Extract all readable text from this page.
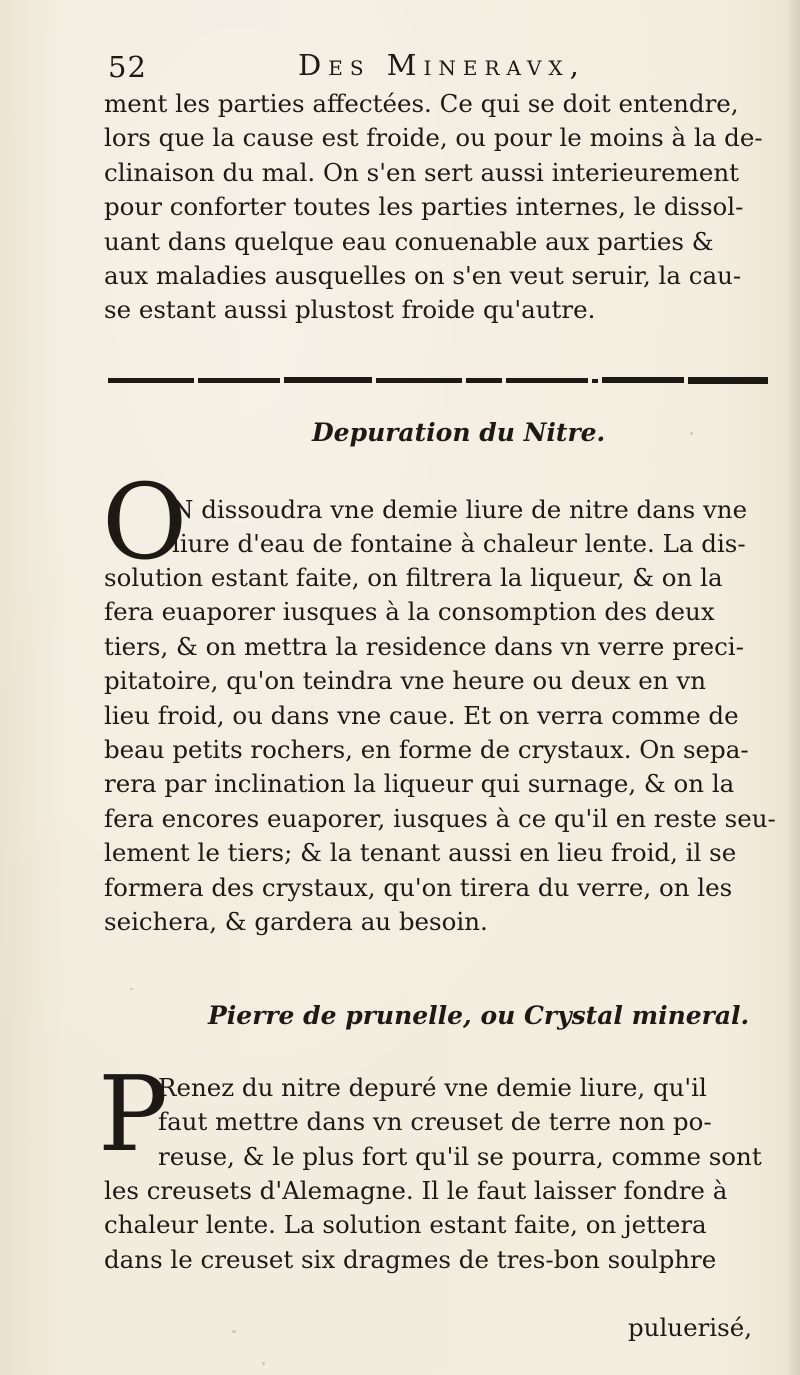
52	Des Mineravx,
ment les parties affectées. Ce qui se doit entendre,
lors que la cause est froide, ou pour le moins à la de-
clinaison du mal. On s'en sert aussi interieurement
pour conforter toutes les parties internes, le dissol-
uant dans quelque eau conuenable aux parties &
aux maladies ausquelles on s'en veut seruir, la cau-
se estant aussi plustost froide qu'autre.
Depuration du Nitre.
O
N dissoudra vne demie liure de nitre dans vne
liure d'eau de fontaine à chaleur lente. La dis-
solution estant faite, on filtrera la liqueur, & on la
fera euaporer iusques à la consomption des deux
tiers, & on mettra la residence dans vn verre preci-
pitatoire, qu'on teindra vne heure ou deux en vn
lieu froid, ou dans vne caue. Et on verra comme de
beau petits rochers, en forme de crystaux. On sepa-
rera par inclination la liqueur qui surnage, & on la
fera encores euaporer, iusques à ce qu'il en reste seu-
lement le tiers; & la tenant aussi en lieu froid, il se
formera des crystaux, qu'on tirera du verre, on les
seichera, & gardera au besoin.
Pierre de prunelle, ou Crystal mineral.
P
Renez du nitre depuré vne demie liure, qu'il
faut mettre dans vn creuset de terre non po-
reuse, & le plus fort qu'il se pourra, comme sont
les creusets d'Alemagne. Il le faut laisser fondre à
chaleur lente. La solution estant faite, on jettera
dans le creuset six dragmes de tres-bon soulphre
puluerisé,
